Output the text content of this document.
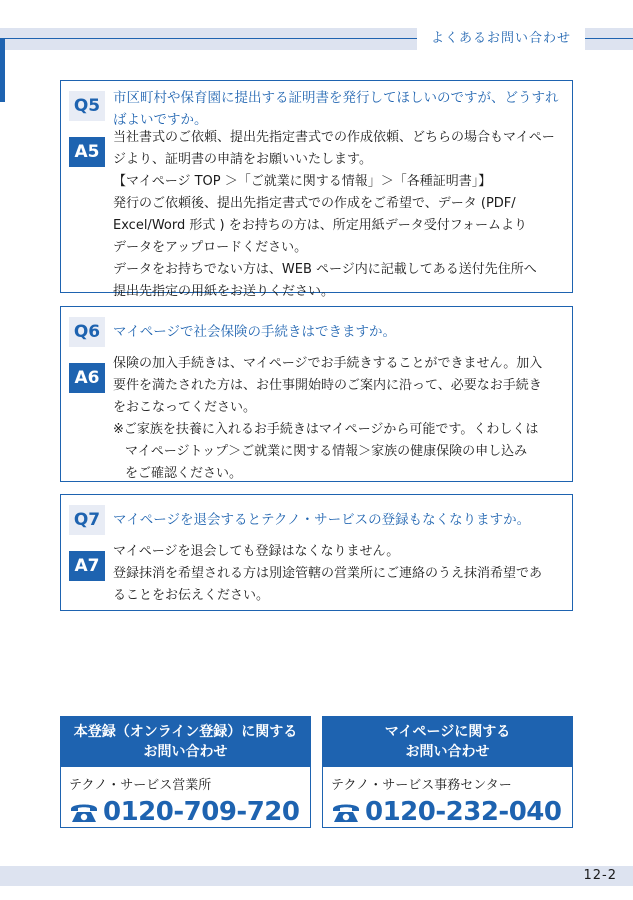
よくあるお問い合わせ
Q5 市区町村や保育園に提出する証明書を発行してほしいのですが、どうすれ

ばよいですか。

A5

当社書式のご依頼、提出先指定書式での作成依頼、どちらの場合もマイペー

ジより、証明書の申請をお願いいたします。

【マイページ TOP ＞「ご就業に関する情報」＞「各種証明書」】

発行のご依頼後、提出先指定書式での作成をご希望で、データ (PDF/

Excel/Word 形式 ) をお持ちの方は、所定用紙データ受付フォームより

データをアップロードください。

データをお持ちでない方は、WEB ページ内に記載してある送付先住所へ

提出先指定の用紙をお送りください。

Q6 マイページで社会保険の手続きはできますか。

A6

保険の加入手続きは、マイページでお手続きすることができません。加入

要件を満たされた方は、お仕事開始時のご案内に沿って、必要なお手続き

をおこなってください。

※ご家族を扶養に入れるお手続きはマイページから可能です。くわしくは

マイページトップ＞ご就業に関する情報＞家族の健康保険の申し込み

をご確認ください。

Q7 マイページを退会するとテクノ・サービスの登録もなくなりますか。

A7

マイページを退会しても登録はなくなりません。

登録抹消を希望される方は別途管轄の営業所にご連絡のうえ抹消希望であ

ることをお伝えください。

本登録（オンライン登録）に関する

お問い合わせ

テクノ・サービス営業所
0120-709-720

マイページに関する

お問い合わせ

テクノ・サービス事務センター
0120-232-040
12-2
